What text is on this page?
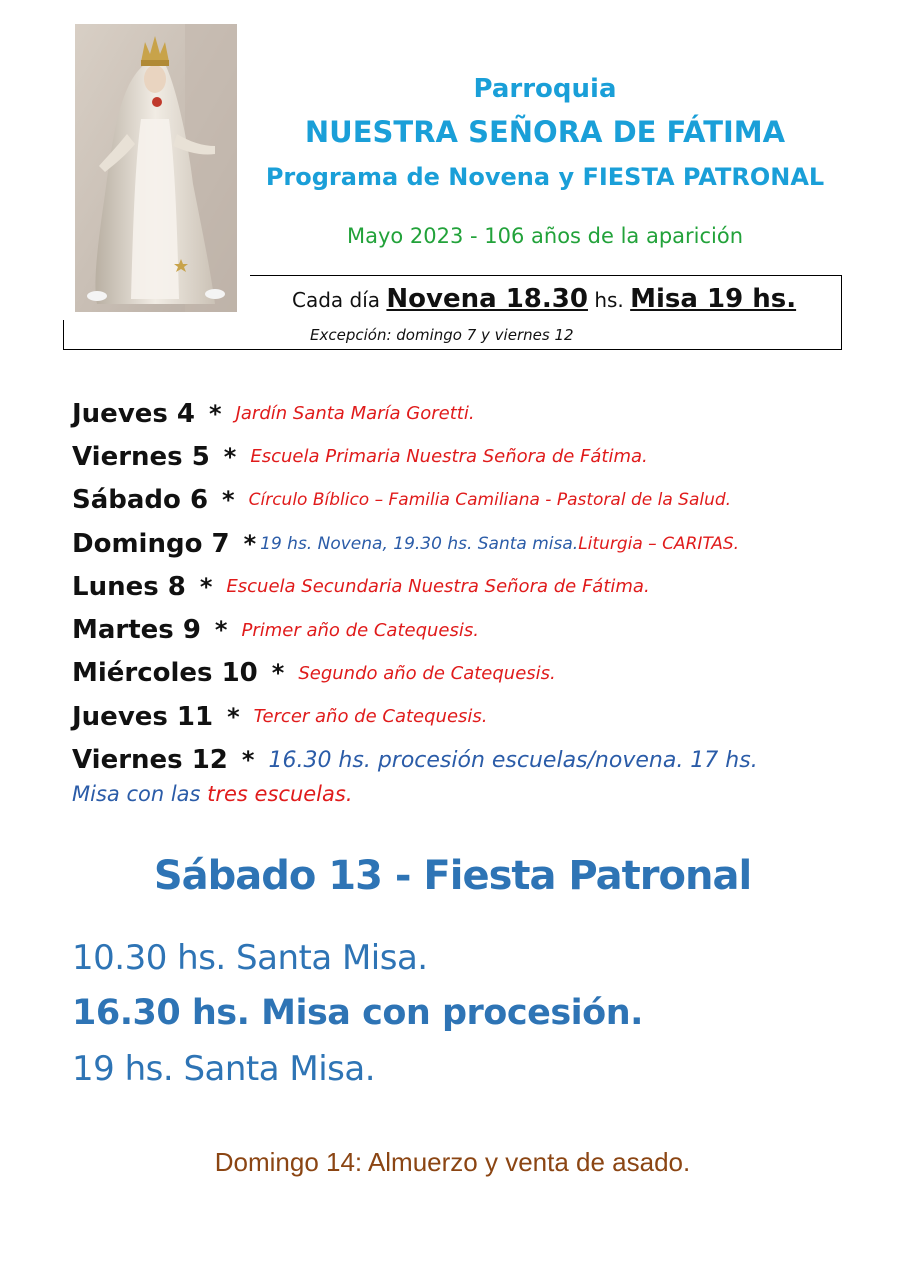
Parroquia
NUESTRA SEÑORA DE FÁTIMA
Programa de Novena y FIESTA PATRONAL
Mayo 2023 - 106 años de la aparición
Cada día Novena 18.30 hs. Misa 19 hs.
Excepción: domingo 7 y viernes 12
Jueves 4 * Jardín Santa María Goretti.
Viernes 5 * Escuela Primaria Nuestra Señora de Fátima.
Sábado 6 * Círculo Bíblico – Familia Camiliana - Pastoral de la Salud.
Domingo 7 * 19 hs. Novena, 19.30 hs. Santa misa. Liturgia – CARITAS.
Lunes 8 * Escuela Secundaria Nuestra Señora de Fátima.
Martes 9 * Primer año de Catequesis.
Miércoles 10 * Segundo año de Catequesis.
Jueves 11 * Tercer año de Catequesis.
Viernes 12 * 16.30 hs. procesión escuelas/novena. 17 hs.
Misa con las tres escuelas.
Sábado 13 - Fiesta Patronal
10.30 hs. Santa Misa.
16.30 hs. Misa con procesión.
19 hs. Santa Misa.
Domingo 14: Almuerzo y venta de asado.
